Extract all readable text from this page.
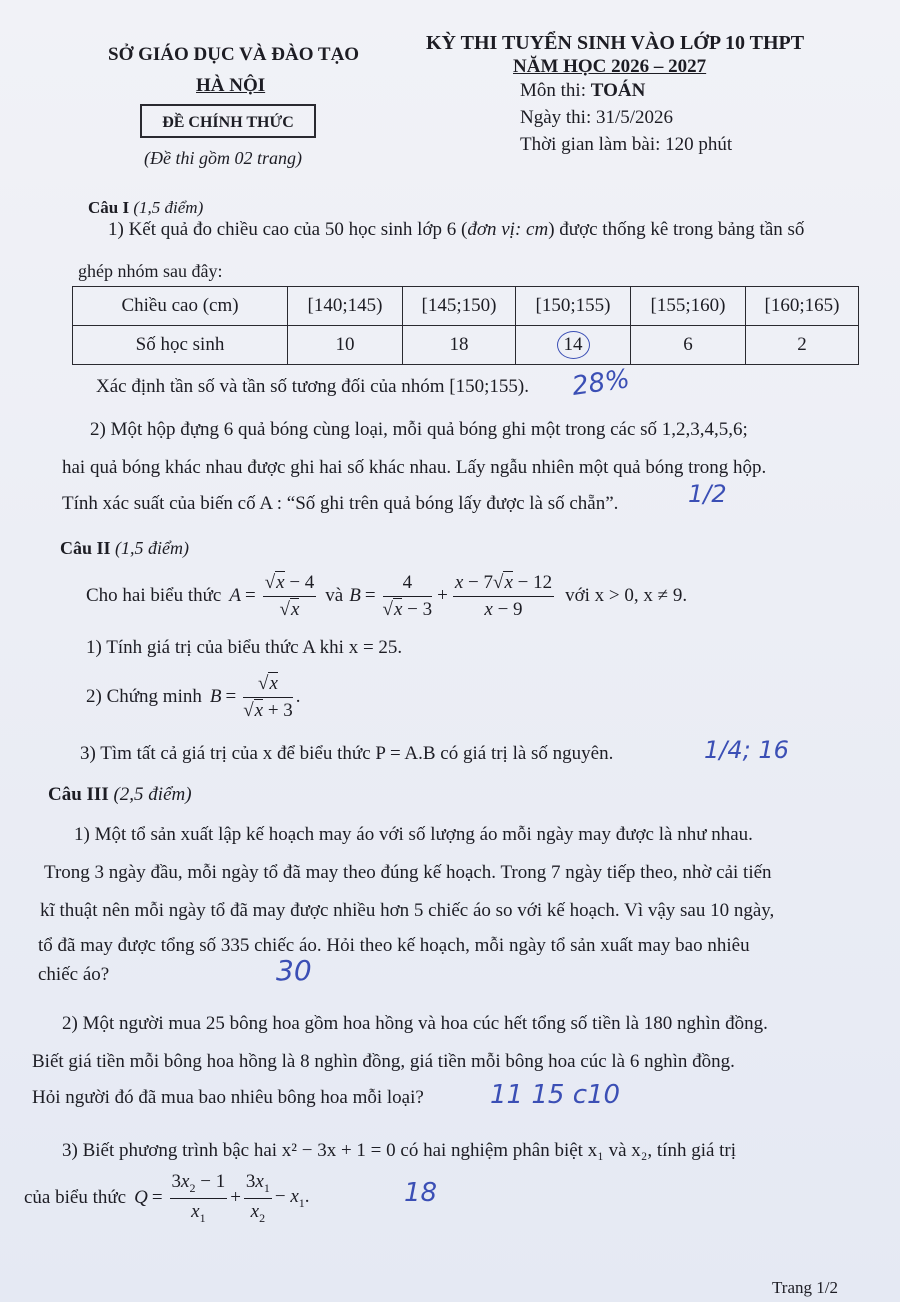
SỞ GIÁO DỤC VÀ ĐÀO TẠO
HÀ NỘI
ĐỀ CHÍNH THỨC
(Đề thi gồm 02 trang)
KỲ THI TUYỂN SINH VÀO LỚP 10 THPT
NĂM HỌC 2026 – 2027
Môn thi: TOÁN
Ngày thi: 31/5/2026
Thời gian làm bài: 120 phút
Câu I (1,5 điểm)
1) Kết quả đo chiều cao của 50 học sinh lớp 6 (đơn vị: cm) được thống kê trong bảng tần số
ghép nhóm sau đây:
Chiều cao (cm)	[140;145)	[145;150)	[150;155)	[155;160)	[160;165)
Số học sinh	10	18	14	6	2
Xác định tần số và tần số tương đối của nhóm [150;155). 28%
2) Một hộp đựng 6 quả bóng cùng loại, mỗi quả bóng ghi một trong các số 1,2,3,4,5,6;
hai quả bóng khác nhau được ghi hai số khác nhau. Lấy ngẫu nhiên một quả bóng trong hộp.
Tính xác suất của biến cố A : “Số ghi trên quả bóng lấy được là số chẵn”.	1/2
Câu II (1,5 điểm)
Cho hai biểu thức $A = \frac{√x - 4}{√x}$ và $B = \frac{4}{√x - 3} + \frac{x - 7√x - 12}{x - 9}$ với x > 0, x ≠ 9.
1) Tính giá trị của biểu thức A khi x = 25.
2) Chứng minh $B = \frac{√x}{√x + 3}$ .
3) Tìm tất cả giá trị của x để biểu thức P = A.B có giá trị là số nguyên.	1/4; 16
Câu III (2,5 điểm)
1) Một tổ sản xuất lập kế hoạch may áo với số lượng áo mỗi ngày may được là như nhau.
Trong 3 ngày đầu, mỗi ngày tổ đã may theo đúng kế hoạch. Trong 7 ngày tiếp theo, nhờ cải tiến
kĩ thuật nên mỗi ngày tổ đã may được nhiều hơn 5 chiếc áo so với kế hoạch. Vì vậy sau 10 ngày,
tổ đã may được tổng số 335 chiếc áo. Hỏi theo kế hoạch, mỗi ngày tổ sản xuất may bao nhiêu
chiếc áo?	30
2) Một người mua 25 bông hoa gồm hoa hồng và hoa cúc hết tổng số tiền là 180 nghìn đồng.
Biết giá tiền mỗi bông hoa hồng là 8 nghìn đồng, giá tiền mỗi bông hoa cúc là 6 nghìn đồng.
Hỏi người đó đã mua bao nhiêu bông hoa mỗi loại?	11 15 c10
3) Biết phương trình bậc hai x² − 3x + 1 = 0 có hai nghiệm phân biệt x₁ và x₂, tính giá trị
của biểu thức $Q = \frac{3x_2 - 1}{x_1} + \frac{3x_1}{x_2} - x_1$.	18
Trang 1/2
